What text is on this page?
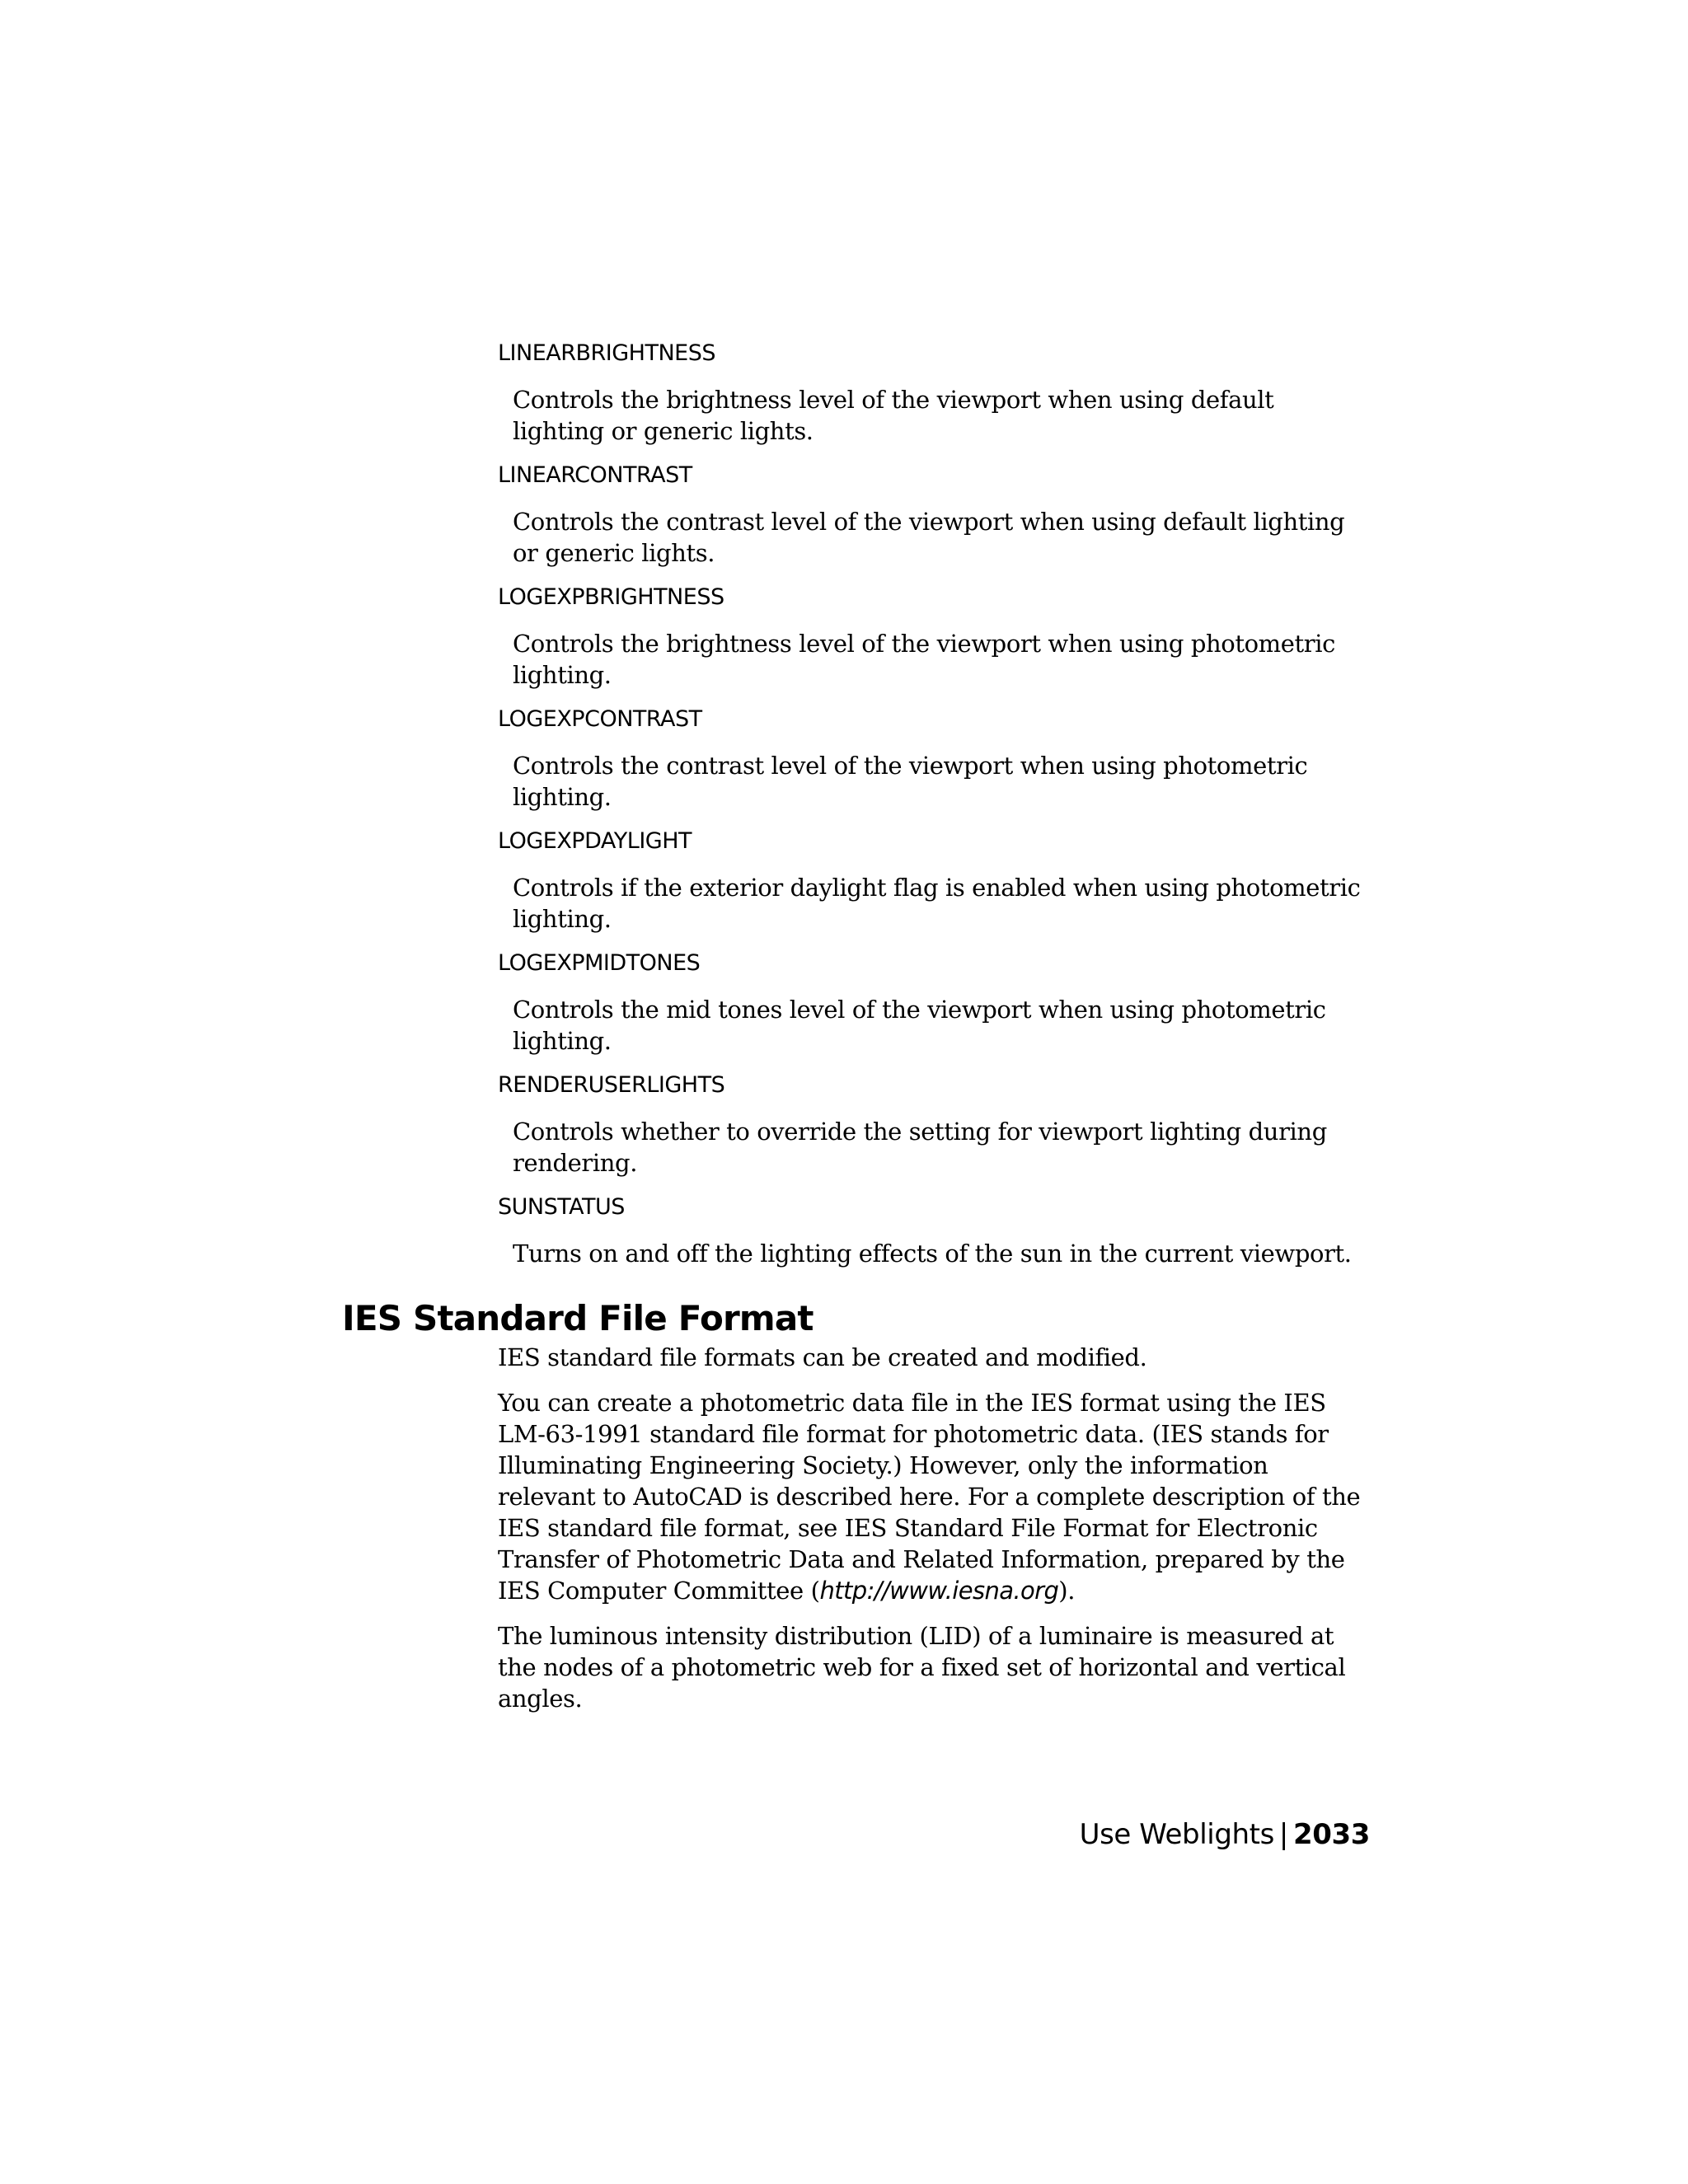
LINEARBRIGHTNESS

Controls the brightness level of the viewport when using default lighting or generic lights.

LINEARCONTRAST

Controls the contrast level of the viewport when using default lighting or generic lights.

LOGEXPBRIGHTNESS

Controls the brightness level of the viewport when using photometric lighting.

LOGEXPCONTRAST

Controls the contrast level of the viewport when using photometric lighting.

LOGEXPDAYLIGHT

Controls if the exterior daylight flag is enabled when using photometric lighting.

LOGEXPMIDTONES

Controls the mid tones level of the viewport when using photometric lighting.

RENDERUSERLIGHTS

Controls whether to override the setting for viewport lighting during rendering.

SUNSTATUS

Turns on and off the lighting effects of the sun in the current viewport.

IES Standard File Format

IES standard file formats can be created and modified.

You can create a photometric data file in the IES format using the IES LM-63-1991 standard file format for photometric data. (IES stands for Illuminating Engineering Society.) However, only the information relevant to AutoCAD is described here. For a complete description of the IES standard file format, see IES Standard File Format for Electronic Transfer of Photometric Data and Related Information, prepared by the IES Computer Committee (http://www.iesna.org).

The luminous intensity distribution (LID) of a luminaire is measured at the nodes of a photometric web for a fixed set of horizontal and vertical angles.

Use Weblights | 2033
